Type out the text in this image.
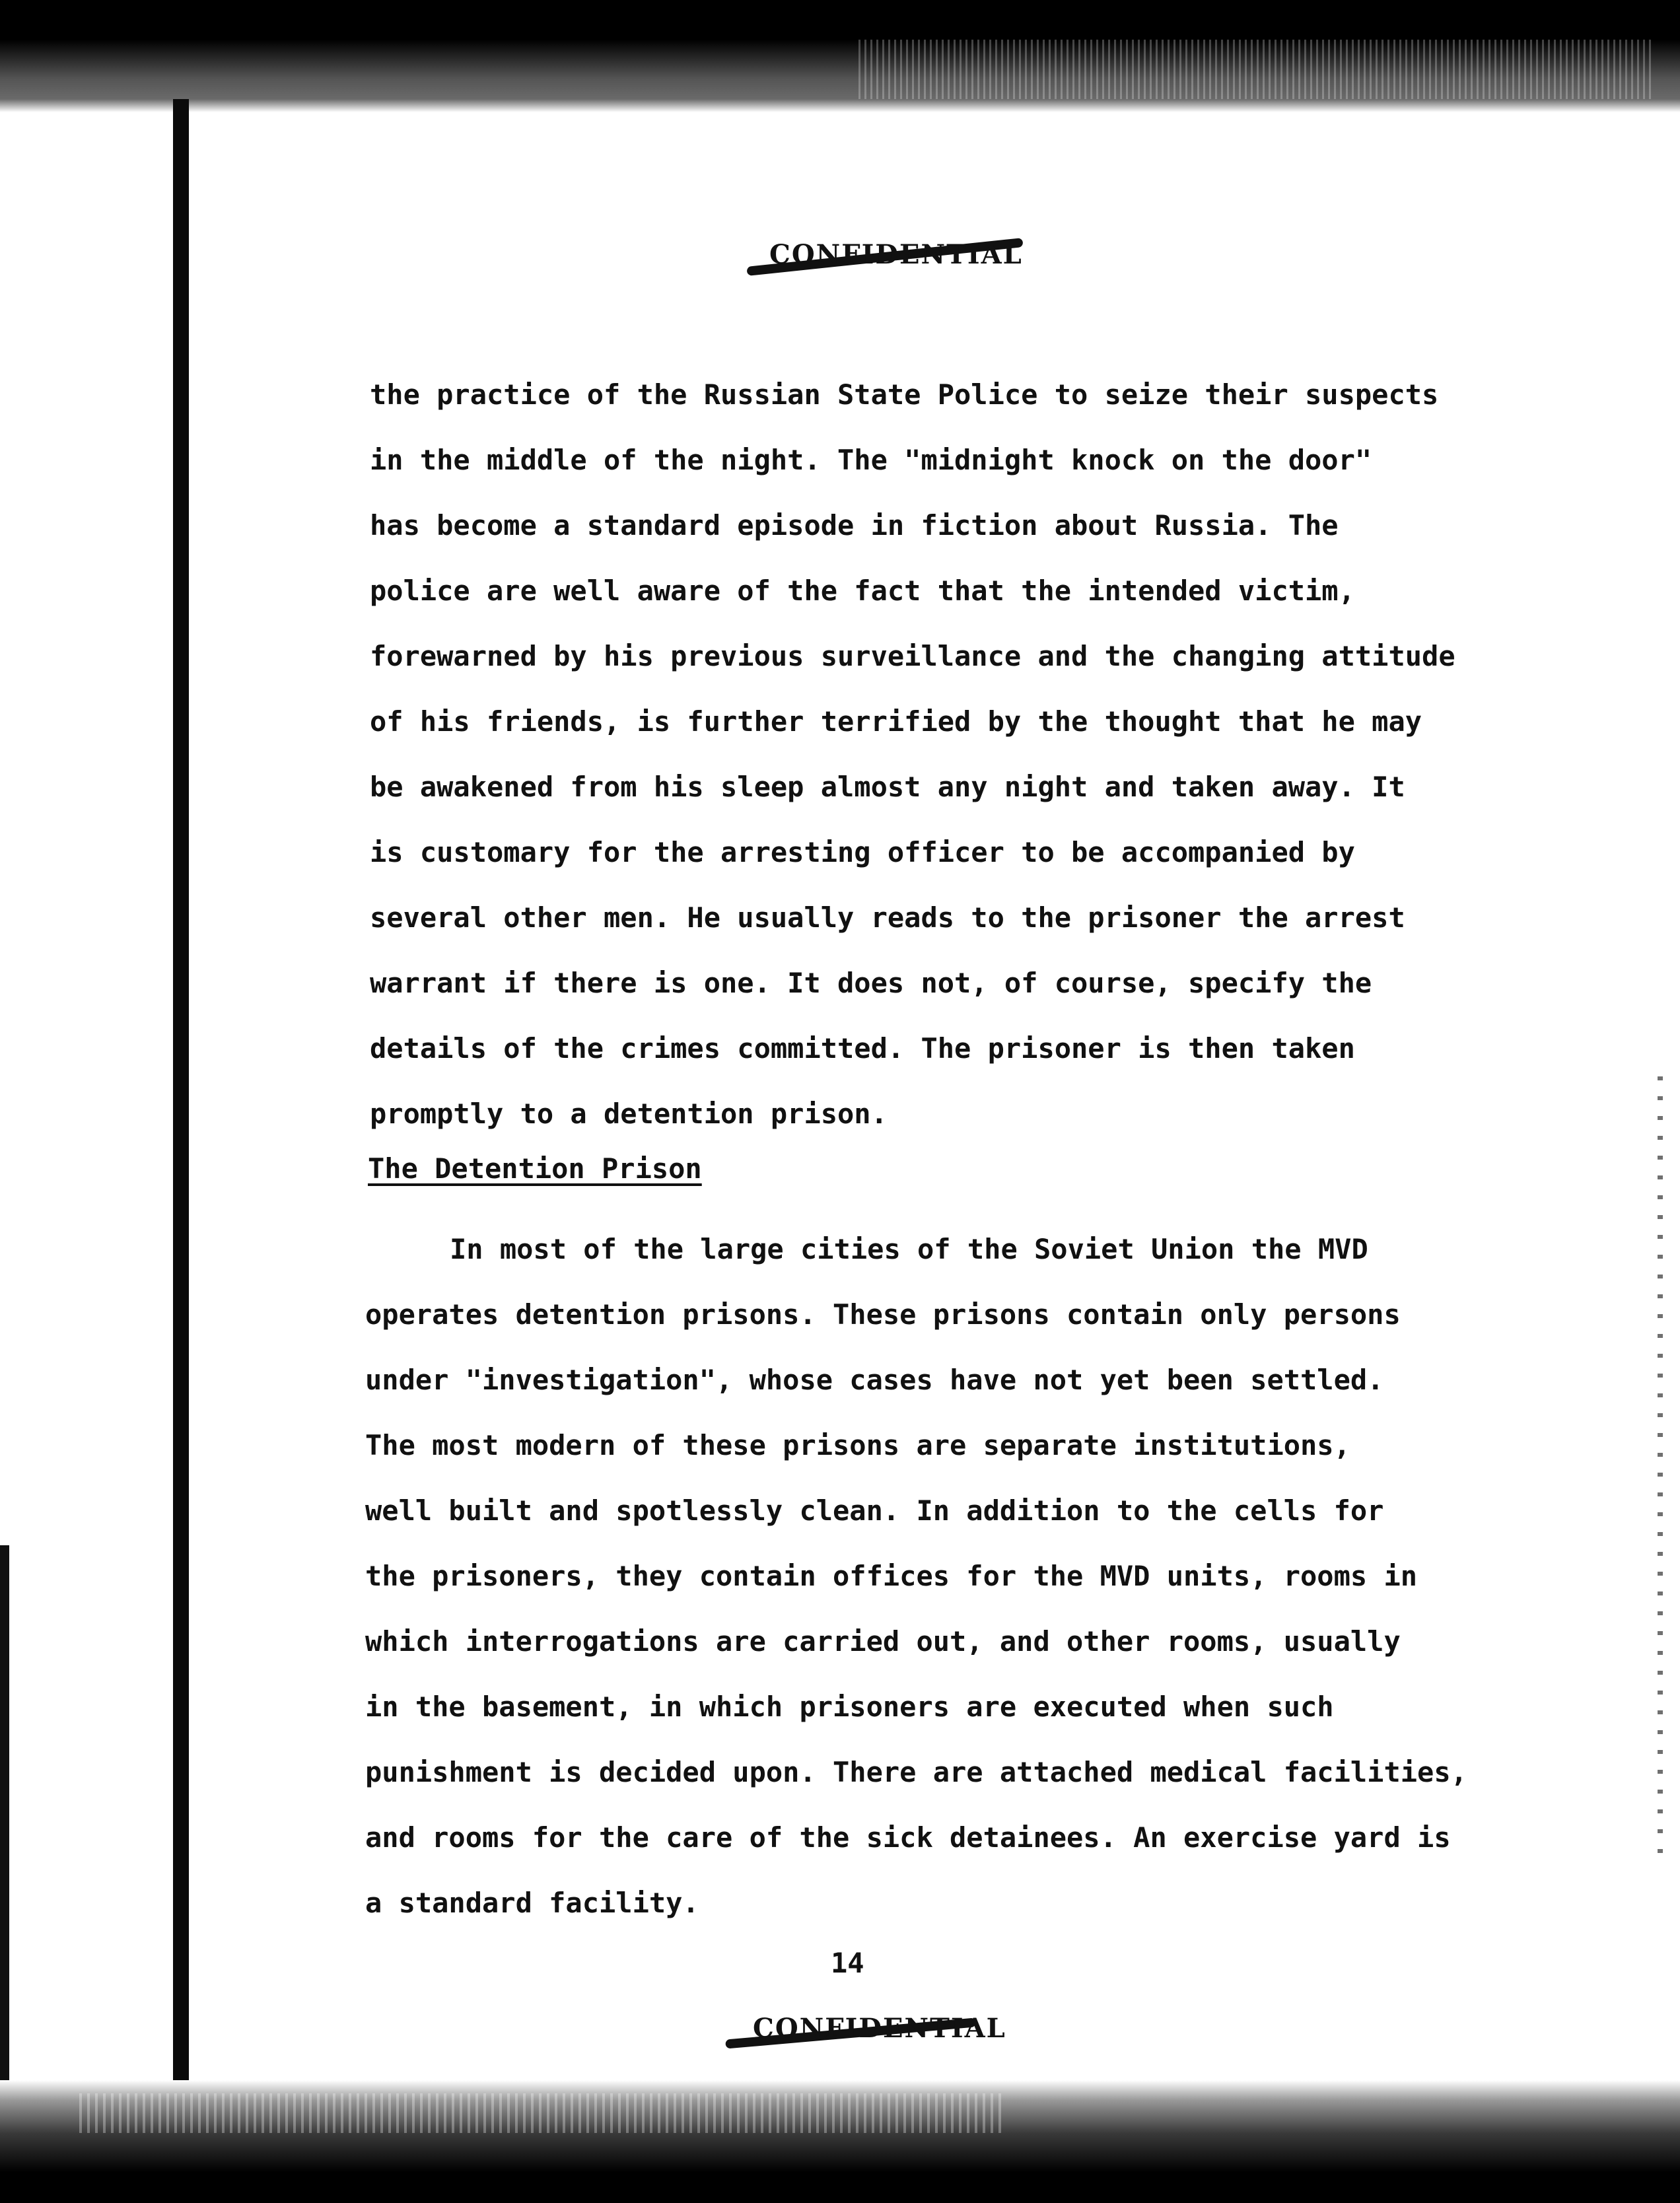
CONFIDENTIAL
the practice of the Russian State Police to seize their suspects
in the middle of the night. The "midnight knock on the door"
has become a standard episode in fiction about Russia. The
police are well aware of the fact that the intended victim,
forewarned by his previous surveillance and the changing attitude
of his friends, is further terrified by the thought that he may
be awakened from his sleep almost any night and taken away. It
is customary for the arresting officer to be accompanied by
several other men. He usually reads to the prisoner the arrest
warrant if there is one. It does not, of course, specify the
details of the crimes committed. The prisoner is then taken
promptly to a detention prison.
The Detention Prison
In most of the large cities of the Soviet Union the MVD
operates detention prisons. These prisons contain only persons
under "investigation", whose cases have not yet been settled.
The most modern of these prisons are separate institutions,
well built and spotlessly clean. In addition to the cells for
the prisoners, they contain offices for the MVD units, rooms in
which interrogations are carried out, and other rooms, usually
in the basement, in which prisoners are executed when such
punishment is decided upon. There are attached medical facilities,
and rooms for the care of the sick detainees. An exercise yard is
a standard facility.
14
CONFIDENTIAL
